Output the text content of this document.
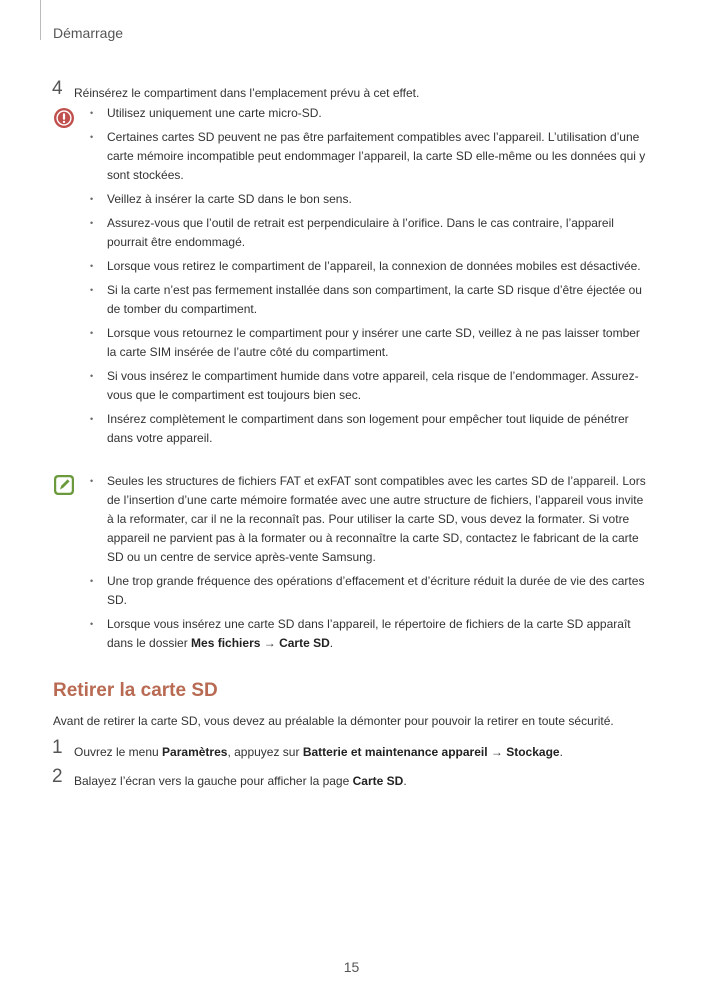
Démarrage
4 Réinsérez le compartiment dans l’emplacement prévu à cet effet.
• Utilisez uniquement une carte micro-SD.
• Certaines cartes SD peuvent ne pas être parfaitement compatibles avec l’appareil. L’utilisation d’une carte mémoire incompatible peut endommager l’appareil, la carte SD elle-même ou les données qui y sont stockées.
• Veillez à insérer la carte SD dans le bon sens.
• Assurez-vous que l’outil de retrait est perpendiculaire à l’orifice. Dans le cas contraire, l’appareil pourrait être endommagé.
• Lorsque vous retirez le compartiment de l’appareil, la connexion de données mobiles est désactivée.
• Si la carte n’est pas fermement installée dans son compartiment, la carte SD risque d’être éjectée ou de tomber du compartiment.
• Lorsque vous retournez le compartiment pour y insérer une carte SD, veillez à ne pas laisser tomber la carte SIM insérée de l’autre côté du compartiment.
• Si vous insérez le compartiment humide dans votre appareil, cela risque de l’endommager. Assurez-vous que le compartiment est toujours bien sec.
• Insérez complètement le compartiment dans son logement pour empêcher tout liquide de pénétrer dans votre appareil.
• Seules les structures de fichiers FAT et exFAT sont compatibles avec les cartes SD de l’appareil. Lors de l’insertion d’une carte mémoire formatée avec une autre structure de fichiers, l’appareil vous invite à la reformater, car il ne la reconnaît pas. Pour utiliser la carte SD, vous devez la formater. Si votre appareil ne parvient pas à la formater ou à reconnaître la carte SD, contactez le fabricant de la carte SD ou un centre de service après-vente Samsung.
• Une trop grande fréquence des opérations d’effacement et d’écriture réduit la durée de vie des cartes SD.
• Lorsque vous insérez une carte SD dans l’appareil, le répertoire de fichiers de la carte SD apparaît dans le dossier Mes fichiers → Carte SD.
Retirer la carte SD
Avant de retirer la carte SD, vous devez au préalable la démonter pour pouvoir la retirer en toute sécurité.
1 Ouvrez le menu Paramètres, appuyez sur Batterie et maintenance appareil → Stockage.
2 Balayez l’écran vers la gauche pour afficher la page Carte SD.
15
